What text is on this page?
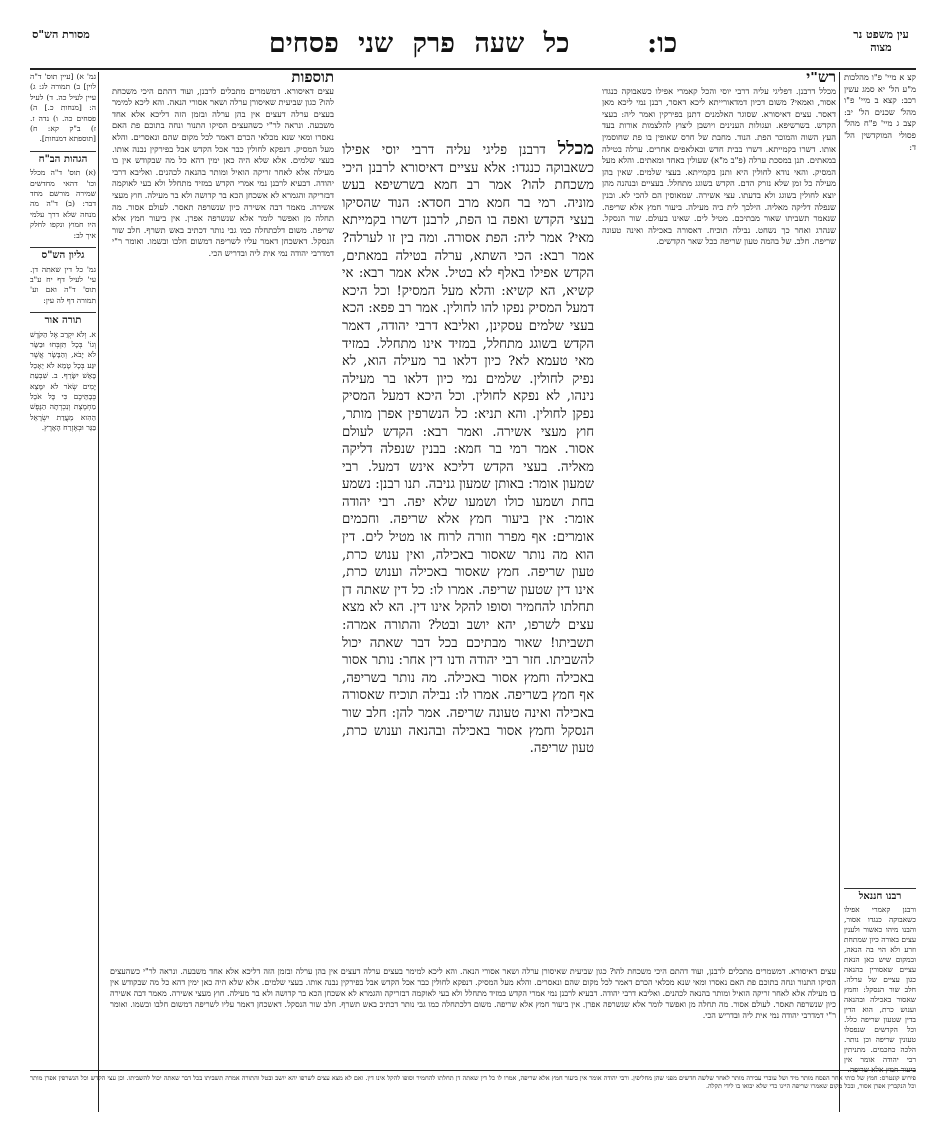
עין משפט נר מצוה
כו:    כל שעה פרק שני פסחים
מסורת הש"ס

קצ א מיי' פ"ו מהלכות מ"ע הל' יא סמג עשין רכב: קצא ב מיי' פ"ו מהל' שכנים הל' יב: קצב ג מיי' פ"ח מהל' פסולי המוקדשין הל' ד:

רש"י

מכלל דרבנן. דפליגי עליה דרבי יוסי והכל קאמרי אפילו כשאבוקה כנגדו אסור, ואמאי? משום דכיון דמדאורייתא ליכא דאסר, רבנן נמי ליכא מאן דאסר. עצים דאיסורא. שסוגר האלמנים דתנן בפירקין ואמר ליה: בעצי הקדש. בשרשיפא. ועגולות הענינים ויושבן ליצוץ להלצמות אורות בעד העץ השוה והמוכר הפת. הנוד. מחבת של חרס שאופין בו פת שחוסמין אותו. דשרו בקמייתא. דשרו בבית חדש ובאלאפים אחרים. ערלה בטילה במאתים. תנן במסכת ערלה (פ"ב מ"א) שעולין באחד ומאתים. והלא מעל המסיק. והאי נודא לחולין היא ותנן בקמייתא. בעצי שלמים. שאין בהן מעילה כל זמן שלא נזרק הדם. הקדש בשוגג מתחלל. בעציים ובנהנה מהן יוצא לחולין בשוגג ולא בדעתו. עצי אשירה. שמאוסין הם להכי לא. ובנין שנפלה דליקה מאליה. הילכך לית ביה מעילה. ביעור חמץ אלא שריפה. שנאמר תשביתו שאור מבתיכם. מטיל לים. שאינו בעולם. שור הנסקל. שנהרג ואחר כך נשחט. נבילה תוכיח. דאסורה באכילה ואינה טעונה שריפה. חלב. של בהמה טעון שריפה ככל שאר הקדשים.

מכלל דרבנן פליגי עליה דרבי יוסי אפילו כשאבוקה כנגדו: אלא עציים דאיסורא לרבנן היכי משכחת להו? אמר רב חמא בשרשיפא בעש מוניה. רמי בר חמא מרב חסדא: הנוד שהסיקו בעצי הקדש ואפה בו הפת, לרבנן דשרו בקמייתא מאי? אמר ליה: הפת אסורה. ומה בין זו לערלה? אמר רבא: הכי השתא, ערלה בטילה במאתים, הקדש אפילו באלף לא בטיל. אלא אמר רבא: אי קשיא, הא קשיא: והלא מעל המסיק! וכל היכא דמעל המסיק נפקו להו לחולין. אמר רב פפא: הכא בעצי שלמים עסקינן, ואליבא דרבי יהודה, דאמר הקדש בשוגג מתחלל, במזיד אינו מתחלל. במזיד מאי טעמא לא? כיון דלאו בר מעילה הוא, לא נפיק לחולין. שלמים נמי כיון דלאו בר מעילה נינהו, לא נפקא לחולין. וכל היכא דמעל המסיק נפקן לחולין. והא תניא: כל הנשרפין אפרן מותר, חוץ מעצי אשירה. ואמר רבא: הקדש לעולם אסור. אמר רמי בר חמא: בבנין שנפלה דליקה מאליה. בעצי הקדש דליכא אינש דמעל. רבי שמעון אומר: באותן שמעון גניבה. תנו רבנן: נשמע בחת ושמעו כולו ושמעו שלא יפה. רבי יהודה אומר: אין ביעור חמץ אלא שריפה. וחכמים אומרים: אף מפרר וזורה לרוח או מטיל לים. דין הוא מה נותר שאסור באכילה, ואין ענוש כרת, טעון שריפה. חמץ שאסור באכילה וענוש כרת, אינו דין שטעון שריפה. אמרו לו: כל דין שאתה דן תחלתו להחמיר וסופו להקל אינו דין. הא לא מצא עצים לשרפו, יהא יושב ובטל? והתורה אמרה: תשביתו! שאור מבתיכם בכל דבר שאתה יכול להשביתו. חזר רבי יהודה ודנו דין אחר: נותר אסור באכילה וחמץ אסור באכילה. מה נותר בשריפה, אף חמץ בשריפה. אמרו לו: נבילה תוכיח שאסורה באכילה ואינה טעונה שריפה. אמר להן: חלב שור הנסקל וחמץ אסור באכילה ובהנאה וענוש כרת, טעון שריפה.
תוספות

עצים דאיסורא. דמשמרים מתכלים לרבנן, ועוד דהתם היכי משכחת להו? כגון שביעית שאיסורן ערלה ושאר אסורי הנאה. והא ליכא למימר בעצים ערלה דעצים אין בהן ערלה ובזמן הזה דליכא אלא אחד משבעה. ונראה לר"י כשהעצים הסיקו התנור ונחה בתוכם פת האם נאסרו ומאי שנא מכלאי הכרם דאמר לכל מקום שהם ונאסרים. והלא מעל המסיק. דנפקא לחולין כבר אכל הקדש אבל בפירקין נבנה אותו. בעצי שלמים. אלא שלא היה כאן ימין דהא כל מה שבקודש אין בו מעילה אלא לאחר זריקה הואיל ומותר בהנאה לכהנים. ואליבא דרבי יהודה. דבעיא לרבנן נמי אמרי הקדש במזיד מתחלל ולא בעי לאוקמה דבזריקה והגמרא לא אשכחן הכא בר קדושה ולא בר מעילה. חוץ מעצי אשירה. מאמר דבה אשירה כיון שנשרפה תאסר. לעולם אסור. מה תחלה מן ואפשר לומר אלא שנשרפה אפרן. אין ביעור חמץ אלא שריפה. משום דלכתחלה כמו גבי נותר דכתיב באש תשרף. חלב שור הנסקל. דאשכחן דאמר עליו לשריפה דמשום חלבו ובשמו. ואומר ר"י דמדרבי יהודה נמי אית ליה ובדריש הכי.

גמ' א) [עיין תוס' ד"ה לוין] ב) תמורה לג: ג) עיין לעיל כה. ד) לעיל ה: [מנחות כ.] ה) פסחים כה. ו) נדה ז. ז) ב"ק קא: ח) [תוספתא דמנחות].

הגהות הב"ח

(א) תוס' ד"ה מכלל וכו' דהאי מחדשים שמירה מורשם מחד דבר: (ב) ד"ה מה מנחה שלא דרך עלמי היו חמוץ ונקפו לחלק איך לב:

גליון הש"ס

גמ' כל דין שאתה דן. עי' לעיל דף יח ע"ב תוס' ד"ה ואם וע' תמורה דף לה עין:

תורה אור

א. וְלֹא יִקְרַב אֶל הַקֹּדֶשׁ וְגוֹ' בְּכָל תִּזְבְּחוּ וּבַשָּׂר לֹא יָבֹא, וְהַבָּשָׂר אֲשֶׁר יִגַּע בְּכָל טָמֵא לֹא יֵאָכֵל בָּאֵשׁ יִשָּׂרֵף. ב. שִׁבְעַת יָמִים שְׂאֹר לֹא יִמָּצֵא בְּבָתֵּיכֶם כִּי כָּל אֹכֵל מַחְמֶצֶת וְנִכְרְתָה הַנֶּפֶשׁ הַהִוא מֵעֲדַת יִשְׂרָאֵל בַּגֵּר וּבְאֶזְרַח הָאָרֶץ.

רבנו חננאל

ורבנן קאמרי אפילו כשאבוקה כנגדו אסור, והבנו מיהו כאשור ולענין עצים באורה כיון שמתחת וזרע ולא הוי בה הנאה, ובמקום שיש כאן הנאת עציים שאסורין בהנאה כגון עציים של ערלה. חלב שור הנסקל: וחמץ שאסור באכילה ובהנאה וענוש כרת, הוא הדין בדין שטעון שריפה כלל. וכל הקדשים שנפסלו טעונין שריפה וכן נותר. הלכה כחכמים. מתניתין רבי יהודה אומר אין

עצים דאיסורא. דמשמרים מתכלים לרבנן, ועוד דהתם היכי משכחת להו? כגון שביעית שאיסורן ערלה ושאר אסורי הנאה. והא ליכא למימר בעצים ערלה דעצים אין בהן ערלה ובזמן הזה דליכא אלא אחד משבעה. ונראה לר"י כשהעצים הסיקו התנור ונחה בתוכם פת האם נאסרו ומאי שנא מכלאי הכרם דאמר לכל מקום שהם ונאסרים. והלא מעל המסיק. דנפקא לחולין כבר אכל הקדש אבל בפירקין נבנה אותו. בעצי שלמים. אלא שלא היה כאן ימין דהא כל מה שבקודש אין בו מעילה אלא לאחר זריקה הואיל ומותר בהנאה לכהנים. ואליבא דרבי יהודה. דבעיא לרבנן נמי אמרי הקדש במזיד מתחלל ולא בעי לאוקמה דבזריקה והגמרא לא אשכחן הכא בר קדושה ולא בר מעילה. חוץ מעצי אשירה. מאמר דבה אשירה כיון שנשרפה תאסר. לעולם אסור. מה תחלה מן ואפשר לומר אלא שנשרפה אפרן. אין ביעור חמץ אלא שריפה. משום דלכתחלה כמו גבי נותר דכתיב באש תשרף. חלב שור הנסקל. דאשכחן דאמר עליו לשריפה דמשום חלבו ובשמו. ואומר ר"י דמדרבי יהודה נמי אית ליה ובדריש הכי.

פירוש קונטרס: חמץ של כותי אחר הפסח מותר מיד ושל עוברי עבירה מותר לאחר שלשה חדשים מפני שהן מחליפין. ורבי יהודה אומר אין ביעור חמץ אלא שריפה, אמרו לו כל דין שאתה דן תחלתו להחמיר וסופו להקל אינו דין. ואם לא מצא עצים לשרפו יהא יושב ובטל והתורה אמרה תשביתו בכל דבר שאתה יכול להשביתו. וכן עצי הקדש וכל הנשרפין אפרן מותר וכל הנקברין אפרן אסור, ובכל מקום שאמרו שריפה היינו כדי שלא יבואו בו לידי תקלה.
